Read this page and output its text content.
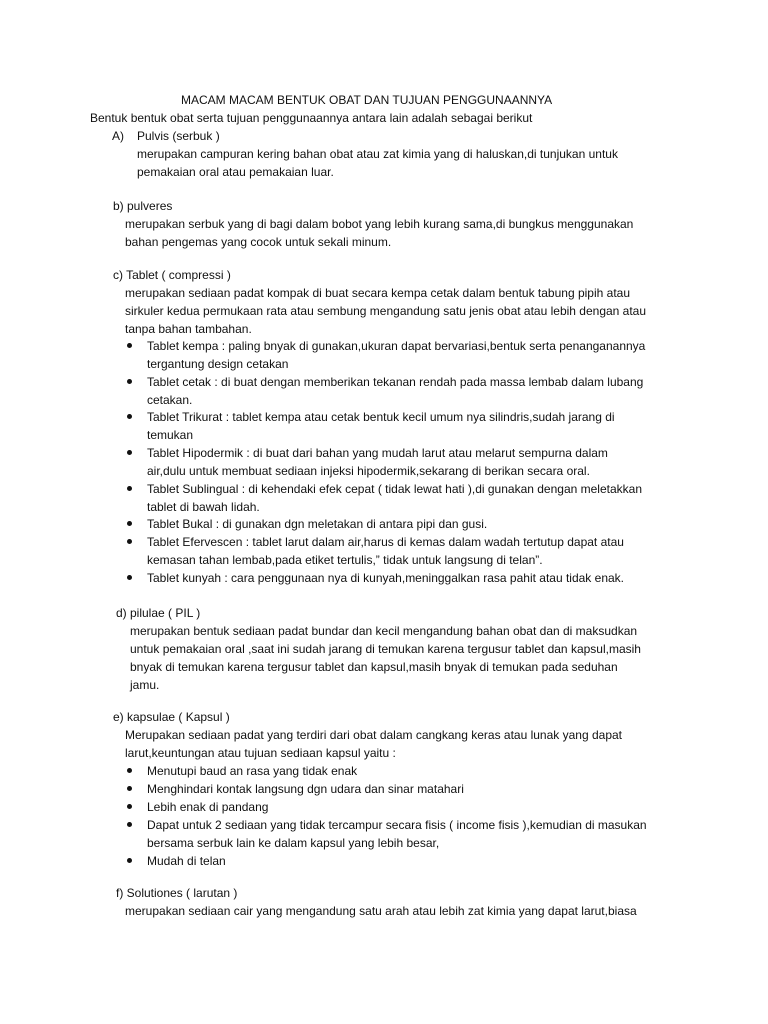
MACAM MACAM BENTUK OBAT DAN TUJUAN PENGGUNAANNYA

Bentuk bentuk obat serta tujuan penggunaannya antara lain adalah sebagai berikut

A) Pulvis (serbuk )

merupakan campuran kering bahan obat atau zat kimia yang di haluskan,di tunjukan untuk

pemakaian oral atau pemakaian luar.

b) pulveres

merupakan serbuk yang di bagi dalam bobot yang lebih kurang sama,di bungkus menggunakan

bahan pengemas yang cocok untuk sekali minum.

c) Tablet ( compressi )

merupakan sediaan padat kompak di buat secara kempa cetak dalam bentuk tabung pipih atau

sirkuler kedua permukaan rata atau sembung mengandung satu jenis obat atau lebih dengan atau

tanpa bahan tambahan.

Tablet kempa : paling bnyak di gunakan,ukuran dapat bervariasi,bentuk serta penanganannya

tergantung design cetakan

Tablet cetak : di buat dengan memberikan tekanan rendah pada massa lembab dalam lubang

cetakan.

Tablet Trikurat : tablet kempa atau cetak bentuk kecil umum nya silindris,sudah jarang di

temukan

Tablet Hipodermik : di buat dari bahan yang mudah larut atau melarut sempurna dalam

air,dulu untuk membuat sediaan injeksi hipodermik,sekarang di berikan secara oral.

Tablet Sublingual : di kehendaki efek cepat ( tidak lewat hati ),di gunakan dengan meletakkan

tablet di bawah lidah.

Tablet Bukal : di gunakan dgn meletakan di antara pipi dan gusi.

Tablet Efervescen : tablet larut dalam air,harus di kemas dalam wadah tertutup dapat atau

kemasan tahan lembab,pada etiket tertulis,” tidak untuk langsung di telan”.

Tablet kunyah : cara penggunaan nya di kunyah,meninggalkan rasa pahit atau tidak enak.

d) pilulae ( PIL )

merupakan bentuk sediaan padat bundar dan kecil mengandung bahan obat dan di maksudkan

untuk pemakaian oral ,saat ini sudah jarang di temukan karena tergusur tablet dan kapsul,masih

bnyak di temukan karena tergusur tablet dan kapsul,masih bnyak di temukan pada seduhan

jamu.

e) kapsulae ( Kapsul )

Merupakan sediaan padat yang terdiri dari obat dalam cangkang keras atau lunak yang dapat

larut,keuntungan atau tujuan sediaan kapsul yaitu :

Menutupi baud an rasa yang tidak enak

Menghindari kontak langsung dgn udara dan sinar matahari

Lebih enak di pandang

Dapat untuk 2 sediaan yang tidak tercampur secara fisis ( income fisis ),kemudian di masukan

bersama serbuk lain ke dalam kapsul yang lebih besar,

Mudah di telan

f) Solutiones ( larutan )

merupakan sediaan cair yang mengandung satu arah atau lebih zat kimia yang dapat larut,biasa
